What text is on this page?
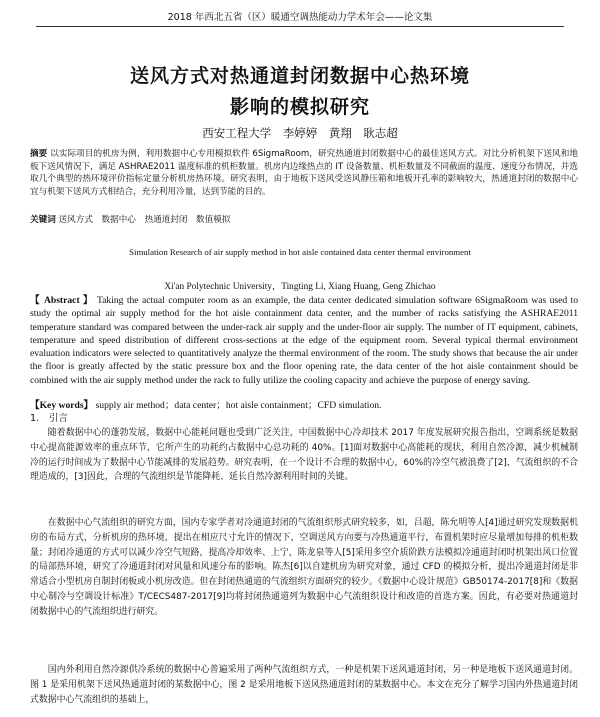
2018 年西北五省（区）暖通空调热能动力学术年会——论文集
送风方式对热通道封闭数据中心热环境
影响的模拟研究
西安工程大学　李婷婷　黄翔　耿志超
摘要 以实际项目的机房为例，利用数据中心专用模拟软件 6SigmaRoom，研究热通道封闭数据中心的最佳送风方式。对比分析机架下送风和地板下送风情况下，满足 ASHRAE2011 温度标准的机柜数量。机房内边缘热点的 IT 设备数量、机柜数量及不同截面的温度、速度分布情况，并选取几个典型的热环境评价指标定量分析机房热环境。研究表明，由于地板下送风受送风静压箱和地板开孔率的影响较大，热通道封闭的数据中心宜与机架下送风方式相结合，充分利用冷量，达到节能的目的。
关键词 送风方式　数据中心　热通道封闭　数值模拟
Simulation Research of air supply method in hot aisle contained data center thermal environment
Xi'an Polytechnic University，Tingting Li, Xiang Huang, Geng Zhichao
【 Abstract 】 Taking the actual computer room as an example, the data center dedicated simulation software 6SigmaRoom was used to study the optimal air supply method for the hot aisle containment data center, and the number of racks satisfying the ASHRAE2011 temperature standard was compared between the under-rack air supply and the under-floor air supply. The number of IT equipment, cabinets, temperature and speed distribution of different cross-sections at the edge of the equipment room. Several typical thermal environment evaluation indicators were selected to quantitatively analyze the thermal environment of the room. The study shows that because the air under the floor is greatly affected by the static pressure box and the floor opening rate, the data center of the hot aisle containment should be combined with the air supply method under the rack to fully utilize the cooling capacity and achieve the purpose of energy saving.
【Key words】 supply air method；data center；hot aisle containment；CFD simulation.
1.　引言
随着数据中心的蓬勃发展，数据中心能耗问题也受到广泛关注，中国数据中心冷却技术 2017 年度发展研究报告指出，空调系统是数据中心提高能源效率的重点环节，它所产生的功耗约占数据中心总功耗的 40%。[1]面对数据中心高能耗的现状，利用自然冷源，减少机械制冷的运行时间成为了数据中心节能减排的发展趋势。研究表明，在一个设计不合理的数据中心，60%的冷空气被浪费了[2]，气流组织的不合理造成的，[3]因此，合理的气流组织是节能降耗、延长自然冷源利用时间的关键。
在数据中心气流组织的研究方面，国内专家学者对冷通道封闭的气流组织形式研究较多，如，吕超，陈允明等人[4]通过研究发现数据机房的布局方式，分析机房的热环境，提出在相应尺寸允许的情况下，空调送风方向要与冷热通道平行，布置机架时应尽量增加每排的机柜数量；封闭冷通道的方式可以减少冷空气短路，提高冷却效率、上宁，陈龙泉等人[5]采用多空介质阶跌方法模拟冷通道封闭时机架出风口位置的局部热环境，研究了冷通道封闭对风量和风速分布的影响。陈杰[6]以自建机房为研究对象，通过 CFD 的模拟分析，提出冷通道封闭是非常适合小型机房自制封闭板或小机房改造。但在封闭热通道的气流组织方面研究的较少。《数据中心设计规范》GB50174-2017[8]和《数据中心制冷与空调设计标准》T/CECS487-2017[9]均将封闭热通道列为数据中心气流组织设计和改造的首选方案。因此，有必要对热通道封闭数据中心的气流组织进行研究。
国内外利用自然冷源供冷系统的数据中心普遍采用了两种气流组织方式，一种是机架下送风通道封闭，另一种是地板下送风通道封闭。图 1 是采用机架下送风热通道封闭的某数据中心，图 2 是采用地板下送风热通道封闭的某数据中心。本文在充分了解学习国内外热通道封闭式数据中心气流组织的基础上，
